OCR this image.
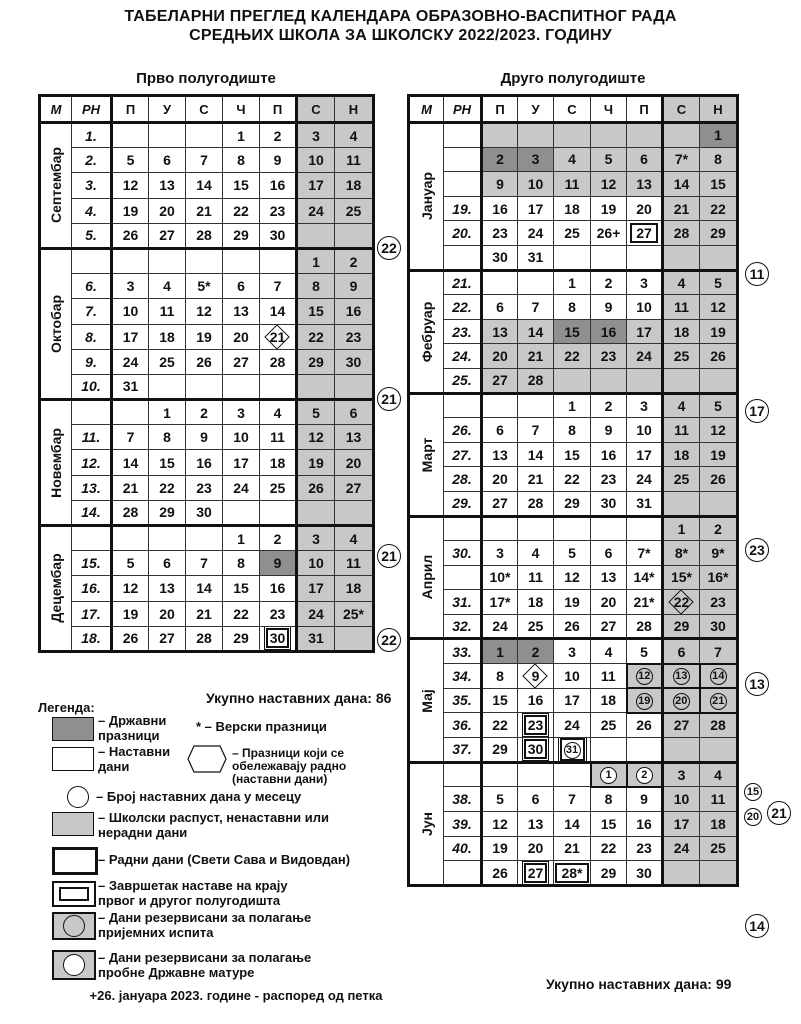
ТАБЕЛАРНИ ПРЕГЛЕД КАЛЕНДАРА ОБРАЗОВНО-ВАСПИТНОГ РАДА
СРЕДЊИХ ШКОЛА ЗА ШКОЛСКУ 2022/2023. ГОДИНУ
Прво полугодиште	Друго полугодиште
М	РН	П	У	С	Ч	П	С	Н

Септембар	1.				1	2	3	4
	2.	5	6	7	8	9	10	11
	3.	12	13	14	15	16	17	18
	4.	19	20	21	22	23	24	25
	5.	26	27	28	29	30		

Октобар							1	2
	6.	3	4	5*	6	7	8	9
	7.	10	11	12	13	14	15	16
	8.	17	18	19	20	21	22	23
	9.	24	25	26	27	28	29	30
	10.	31						

Новембар			1	2	3	4	5	6
	11.	7	8	9	10	11	12	13
	12.	14	15	16	17	18	19	20
	13.	21	22	23	24	25	26	27
	14.	28	29	30				

Децембар					1	2	3	4
	15.	5	6	7	8	9	10	11
	16.	12	13	14	15	16	17	18
	17.	19	20	21	22	23	24	25*
	18.	26	27	28	29	30	31	
М	РН	П	У	С	Ч	П	С	Н

Јануар								1
		2	3	4	5	6	7*	8
		9	10	11	12	13	14	15
	19.	16	17	18	19	20	21	22
	20.	23	24	25	26+	27	28	29
		30	31					

Фебруар	21.			1	2	3	4	5
	22.	6	7	8	9	10	11	12
	23.	13	14	15	16	17	18	19
	24.	20	21	22	23	24	25	26
	25.	27	28					

Март				1	2	3	4	5
	26.	6	7	8	9	10	11	12
	27.	13	14	15	16	17	18	19
	28.	20	21	22	23	24	25	26
	29.	27	28	29	30	31		

Април							1	2
	30.	3	4	5	6	7*	8*	9*
		10*	11	12	13	14*	15*	16*
	31.	17*	18	19	20	21*	22	23
	32.	24	25	26	27	28	29	30

Мај	33.	1	2	3	4	5	6	7
	34.	8	9	10	11	12	13	14
	35.	15	16	17	18	19	20	21
	36.	22	23	24	25	26	27	28
	37.	29	30	31				

Јун					1	2	3	4
	38.	5	6	7	8	9	10	11
	39.	12	13	14	15	16	17	18
	40.	19	20	21	22	23	24	25
		26	27	28*	29	30		
Укупно наставних дана: 86
Укупно наставних дана: 99
Легенда:
– Државни празници
* – Верски празници
– Наставни дани
– Празници који се обележавају радно (наставни дани)
– Број наставних дана у месецу
– Школски распуст, ненаставни или нерадни дани
– Радни дани (Свети Сава и Видовдан)
– Завршетак наставе на крају првог и другог полугодишта
– Дани резервисани за полагање пријемних испита
– Дани резервисани за полагање пробне Државне матуре
+26. јануара 2023. године - распоред од петка
22
21
21
22
11
17
23
13
14
15
20 21
